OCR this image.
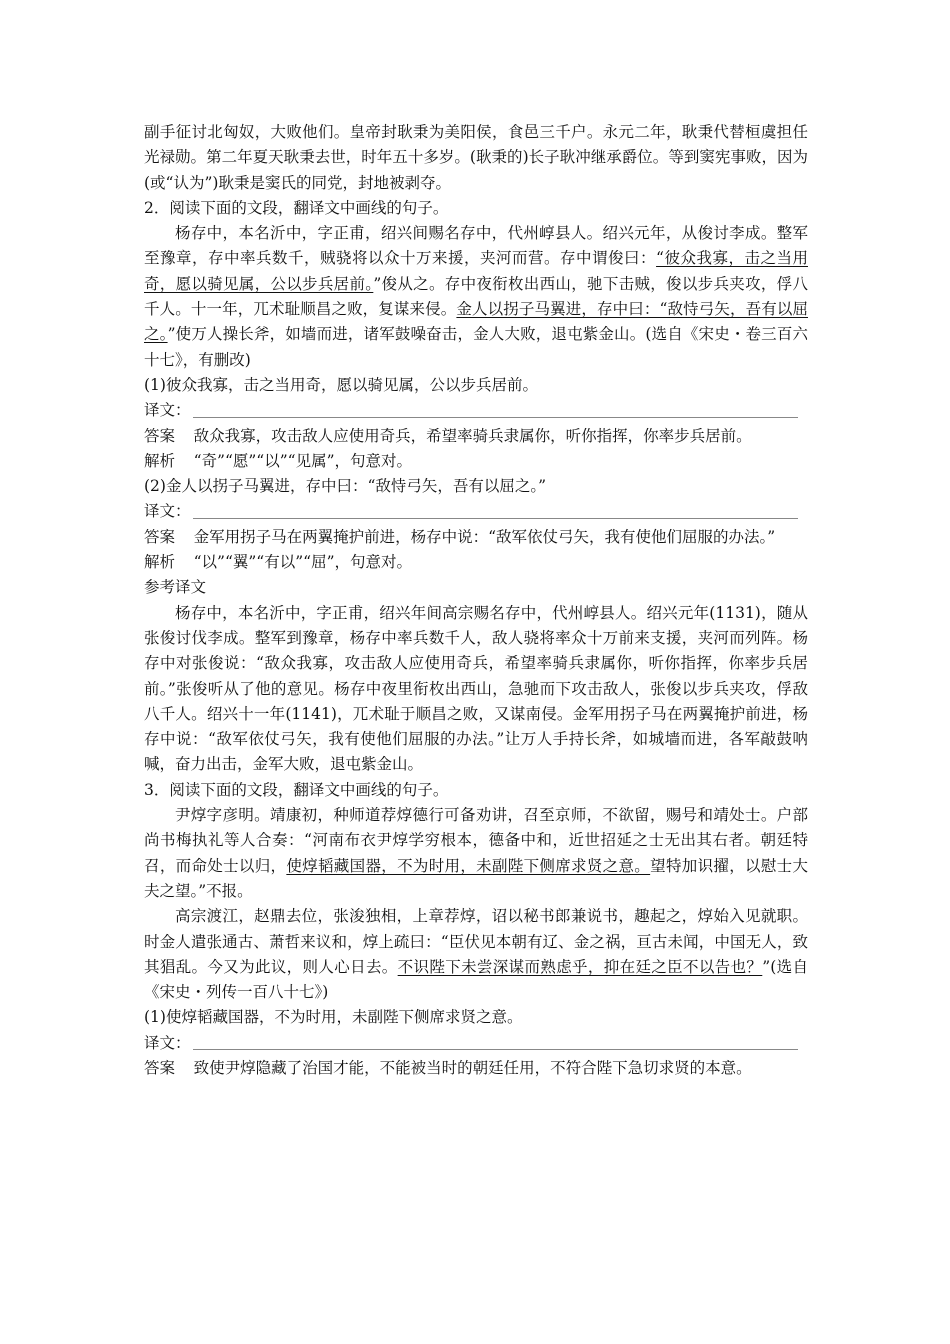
副手征讨北匈奴，大败他们。皇帝封耿秉为美阳侯，食邑三千户。永元二年，耿秉代替桓虞担任光禄勋。第二年夏天耿秉去世，时年五十多岁。(耿秉的)长子耿冲继承爵位。等到窦宪事败，因为(或“认为”)耿秉是窦氏的同党，封地被剥夺。

2．阅读下面的文段，翻译文中画线的句子。

杨存中，本名沂中，字正甫，绍兴间赐名存中，代州崞县人。绍兴元年，从俊讨李成。整军至豫章，存中率兵数千，贼骁将以众十万来援，夹河而营。存中谓俊曰：“彼众我寡，击之当用奇，愿以骑见属，公以步兵居前。”俊从之。存中夜衔枚出西山，驰下击贼，俊以步兵夹攻，俘八千人。十一年，兀术耻顺昌之败，复谋来侵。金人以拐子马翼进，存中曰：“敌恃弓矢，吾有以屈之。”使万人操长斧，如墙而进，诸军鼓噪奋击，金人大败，退屯紫金山。(选自《宋史・卷三百六十七》，有删改)

(1)彼众我寡，击之当用奇，愿以骑见属，公以步兵居前。

译文：

答案 敌众我寡，攻击敌人应使用奇兵，希望率骑兵隶属你，听你指挥，你率步兵居前。

解析 “奇”“愿”“以”“见属”，句意对。

(2)金人以拐子马翼进，存中曰：“敌恃弓矢，吾有以屈之。”

译文：

答案 金军用拐子马在两翼掩护前进，杨存中说：“敌军依仗弓矢，我有使他们屈服的办法。”

解析 “以”“翼”“有以”“屈”，句意对。

参考译文

杨存中，本名沂中，字正甫，绍兴年间高宗赐名存中，代州崞县人。绍兴元年(1131)，随从张俊讨伐李成。整军到豫章，杨存中率兵数千人，敌人骁将率众十万前来支援，夹河而列阵。杨存中对张俊说：“敌众我寡，攻击敌人应使用奇兵，希望率骑兵隶属你，听你指挥，你率步兵居前。”张俊听从了他的意见。杨存中夜里衔枚出西山，急驰而下攻击敌人，张俊以步兵夹攻，俘敌八千人。绍兴十一年(1141)，兀术耻于顺昌之败，又谋南侵。金军用拐子马在两翼掩护前进，杨存中说：“敌军依仗弓矢，我有使他们屈服的办法。”让万人手持长斧，如城墙而进，各军敲鼓呐喊，奋力出击，金军大败，退屯紫金山。

3．阅读下面的文段，翻译文中画线的句子。

尹焞字彦明。靖康初，种师道荐焞德行可备劝讲，召至京师，不欲留，赐号和靖处士。户部尚书梅执礼等人合奏：“河南布衣尹焞学穷根本，德备中和，近世招延之士无出其右者。朝廷特召，而命处士以归，使焞韬藏国器，不为时用，未副陛下侧席求贤之意。望特加识擢，以慰士大夫之望。”不报。

高宗渡江，赵鼎去位，张浚独相，上章荐焞，诏以秘书郎兼说书，趣起之，焞始入见就职。时金人遣张通古、萧哲来议和，焞上疏曰：“臣伏见本朝有辽、金之祸，亘古未闻，中国无人，致其猖乱。今又为此议，则人心日去。不识陛下未尝深谋而熟虑乎，抑在廷之臣不以告也？”(选自《宋史・列传一百八十七》)

(1)使焞韬藏国器，不为时用，未副陛下侧席求贤之意。

译文：

答案 致使尹焞隐藏了治国才能，不能被当时的朝廷任用，不符合陛下急切求贤的本意。
